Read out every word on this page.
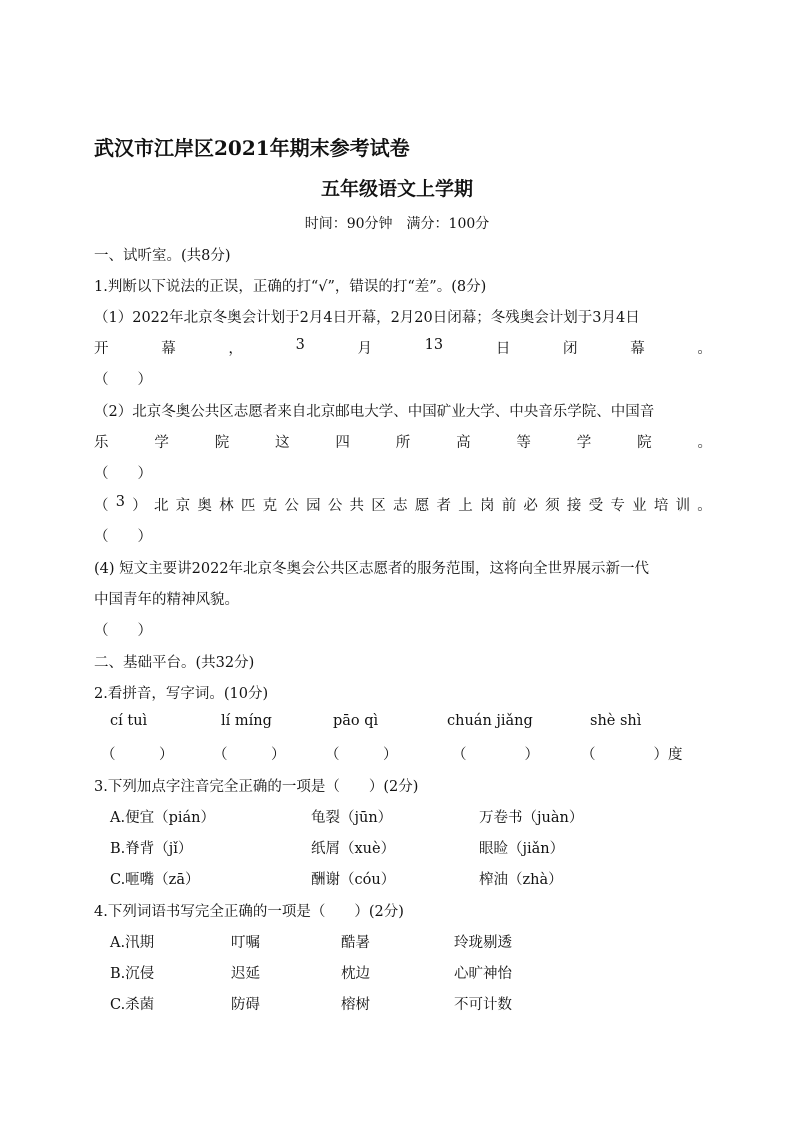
武汉市江岸区2021年期末参考试卷
五年级语文上学期
时间：90分钟　满分：100分
一、试听室。(共8分)
1.判断以下说法的正误，正确的打“√”，错误的打“差”。(8分)
（1）2022年北京冬奥会计划于2月4日开幕，2月20日闭幕；冬残奥会计划于3月4日
开	幕	，	3	月	13	日	闭	幕	。
（　　）
（2）北京冬奥公共区志愿者来自北京邮电大学、中国矿业大学、中央音乐学院、中国音
乐	学	院	这	四	所	高	等	学	院	。
（　　）
（ 3 ） 北 京 奥 林 匹 克 公 园 公 共 区 志 愿 者 上 岗 前 必 须 接 受 专 业 培 训 。
（　　）
(4) 短文主要讲2022年北京冬奥会公共区志愿者的服务范围，这将向全世界展示新一代
中国青年的精神风貌。
（　　）
二、基础平台。(共32分)
2.看拼音，写字词。(10分)
cí tuì	lí míng	pāo qì	chuán jiǎng	shè shì
（　　　）	（　　　）	（　　　）	（　　　　）	（　　　　）度
3.下列加点字注音完全正确的一项是（　　）(2分)
A.便宜（pián）	龟裂（jūn）	万卷书（juàn）
B.脊背（jǐ）	纸屑（xuè）	眼睑（jiǎn）
C.咂嘴（zā）	酬谢（cóu）	榨油（zhà）
4.下列词语书写完全正确的一项是（　　）(2分)
A.汛期	叮嘱	酷暑	玲珑剔透
B.沉侵	迟延	枕边	心旷神怡
C.杀菌	防碍	榕树	不可计数
